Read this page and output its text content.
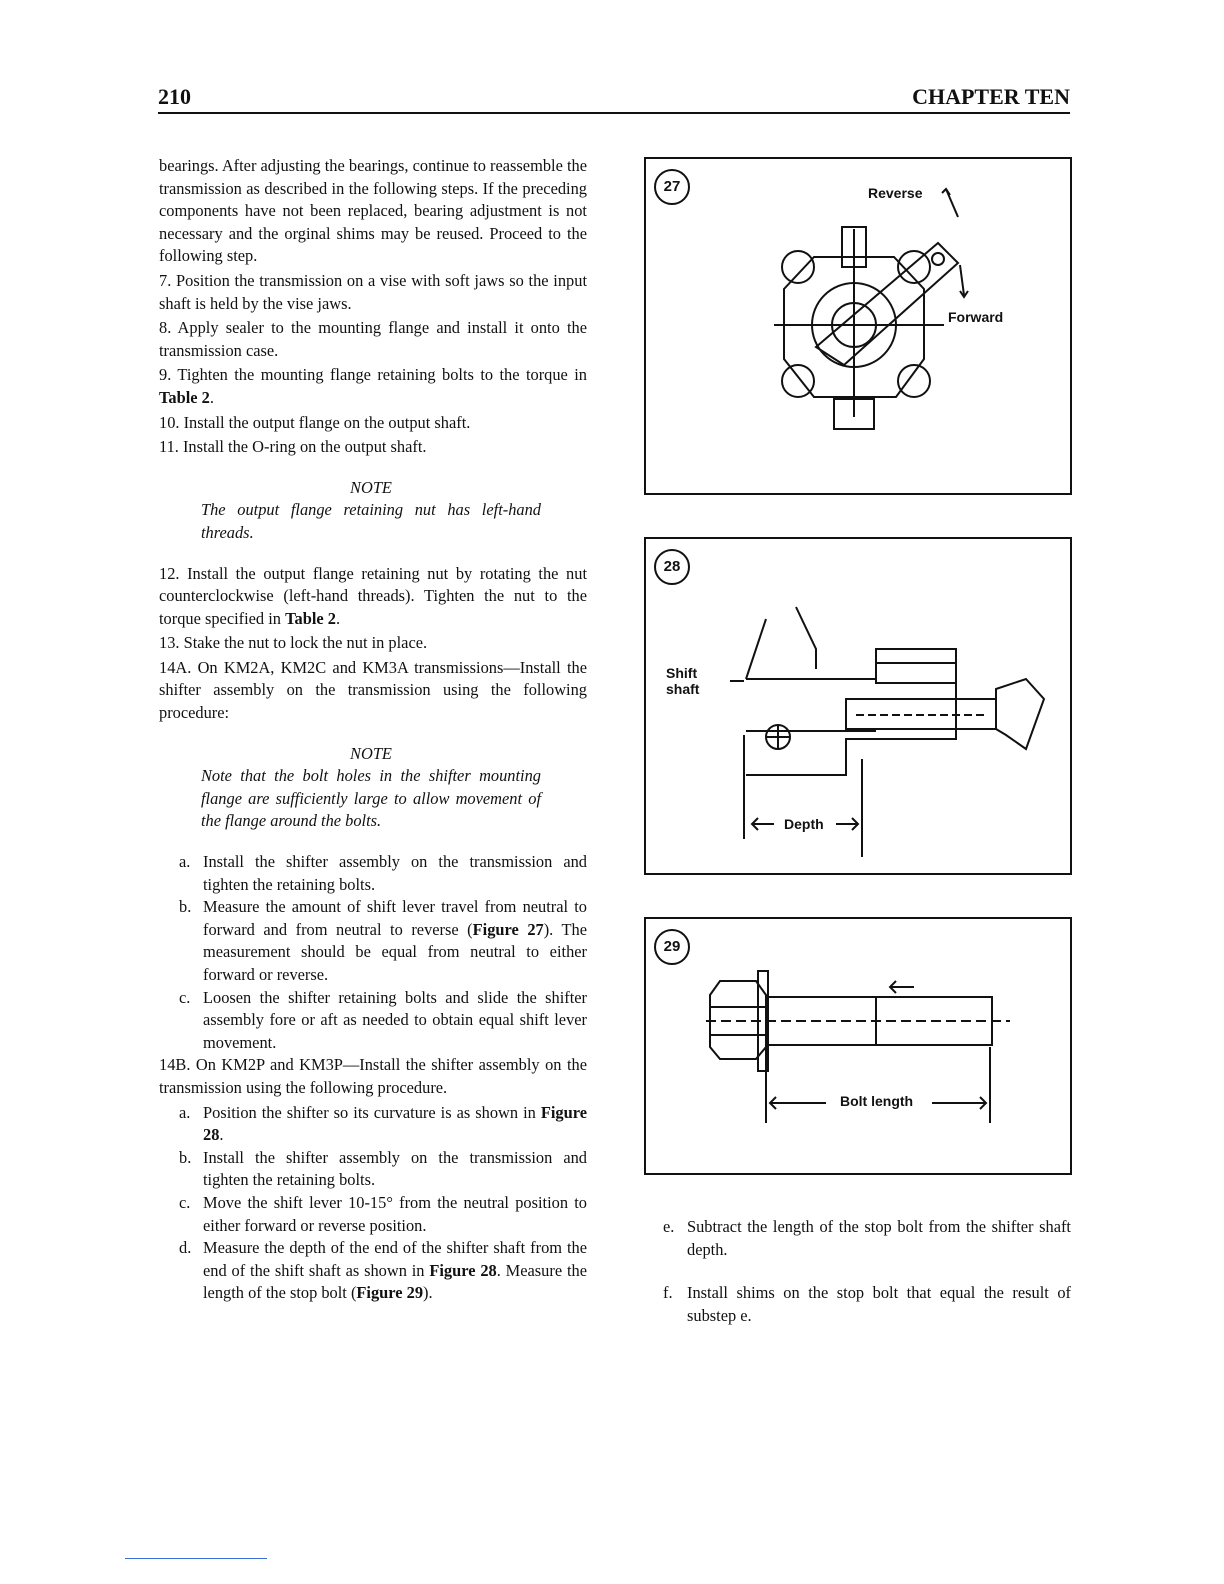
210	CHAPTER TEN

bearings. After adjusting the bearings, continue to reassemble the transmission as described in the following steps. If the preceding components have not been replaced, bearing adjustment is not necessary and the orginal shims may be reused. Proceed to the following step.

7. Position the transmission on a vise with soft jaws so the input shaft is held by the vise jaws.

8. Apply sealer to the mounting flange and install it onto the transmission case.

9. Tighten the mounting flange retaining bolts to the torque in Table 2.

10. Install the output flange on the output shaft.

11. Install the O-ring on the output shaft.

NOTE
The output flange retaining nut has left-hand threads.

12. Install the output flange retaining nut by rotating the nut counterclockwise (left-hand threads). Tighten the nut to the torque specified in Table 2.

13. Stake the nut to lock the nut in place.

14A. On KM2A, KM2C and KM3A transmissions—Install the shifter assembly on the transmission using the following procedure:

NOTE
Note that the bolt holes in the shifter mounting flange are sufficiently large to allow movement of the flange around the bolts.
a. Install the shifter assembly on the transmission and tighten the retaining bolts.
b. Measure the amount of shift lever travel from neutral to forward and from neutral to reverse (Figure 27). The measurement should be equal from neutral to either forward or reverse.
c. Loosen the shifter retaining bolts and slide the shifter assembly fore or aft as needed to obtain equal shift lever movement.

14B. On KM2P and KM3P—Install the shifter assembly on the transmission using the following procedure.

a. Position the shifter so its curvature is as shown in Figure 28.
b. Install the shifter assembly on the transmission and tighten the retaining bolts.
c. Move the shift lever 10-15° from the neutral position to either forward or reverse position.
d. Measure the depth of the end of the shifter shaft from the end of the shift shaft as shown in Figure 28. Measure the length of the stop bolt (Figure 29).
27	Reverse
Forward
28
Shift
shaft
Depth
29
Bolt length
e. Subtract the length of the stop bolt from the shifter shaft depth.
f. Install shims on the stop bolt that equal the result of substep e.
